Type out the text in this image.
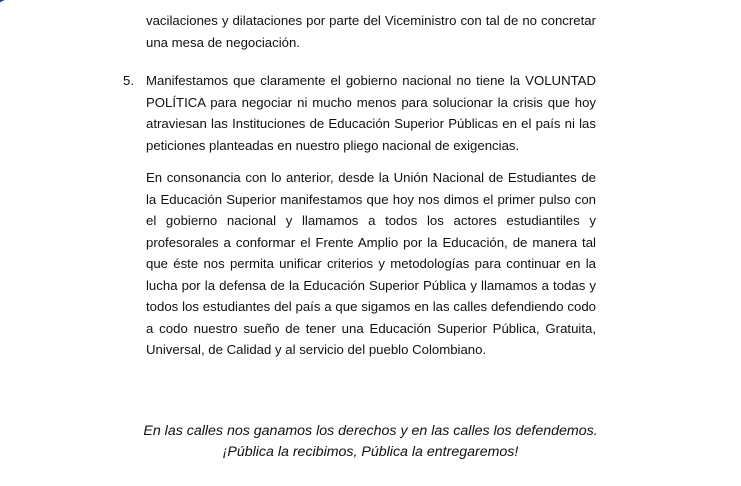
vacilaciones y dilataciones por parte del Viceministro con tal de no concretar una mesa de negociación.

5. Manifestamos que claramente el gobierno nacional no tiene la VOLUNTAD POLÍTICA para negociar ni mucho menos para solucionar la crisis que hoy atraviesan las Instituciones de Educación Superior Públicas en el país ni las peticiones planteadas en nuestro pliego nacional de exigencias.

En consonancia con lo anterior, desde la Unión Nacional de Estudiantes de la Educación Superior manifestamos que hoy nos dimos el primer pulso con el gobierno nacional y llamamos a todos los actores estudiantiles y profesorales a conformar el Frente Amplio por la Educación, de manera tal que éste nos permita unificar criterios y metodologías para continuar en la lucha por la defensa de la Educación Superior Pública y llamamos a todas y todos los estudiantes del país a que sigamos en las calles defendiendo codo a codo nuestro sueño de tener una Educación Superior Pública, Gratuita, Universal, de Calidad y al servicio del pueblo Colombiano.

En las calles nos ganamos los derechos y en las calles los defendemos.

¡Pública la recibimos, Pública la entregaremos!
